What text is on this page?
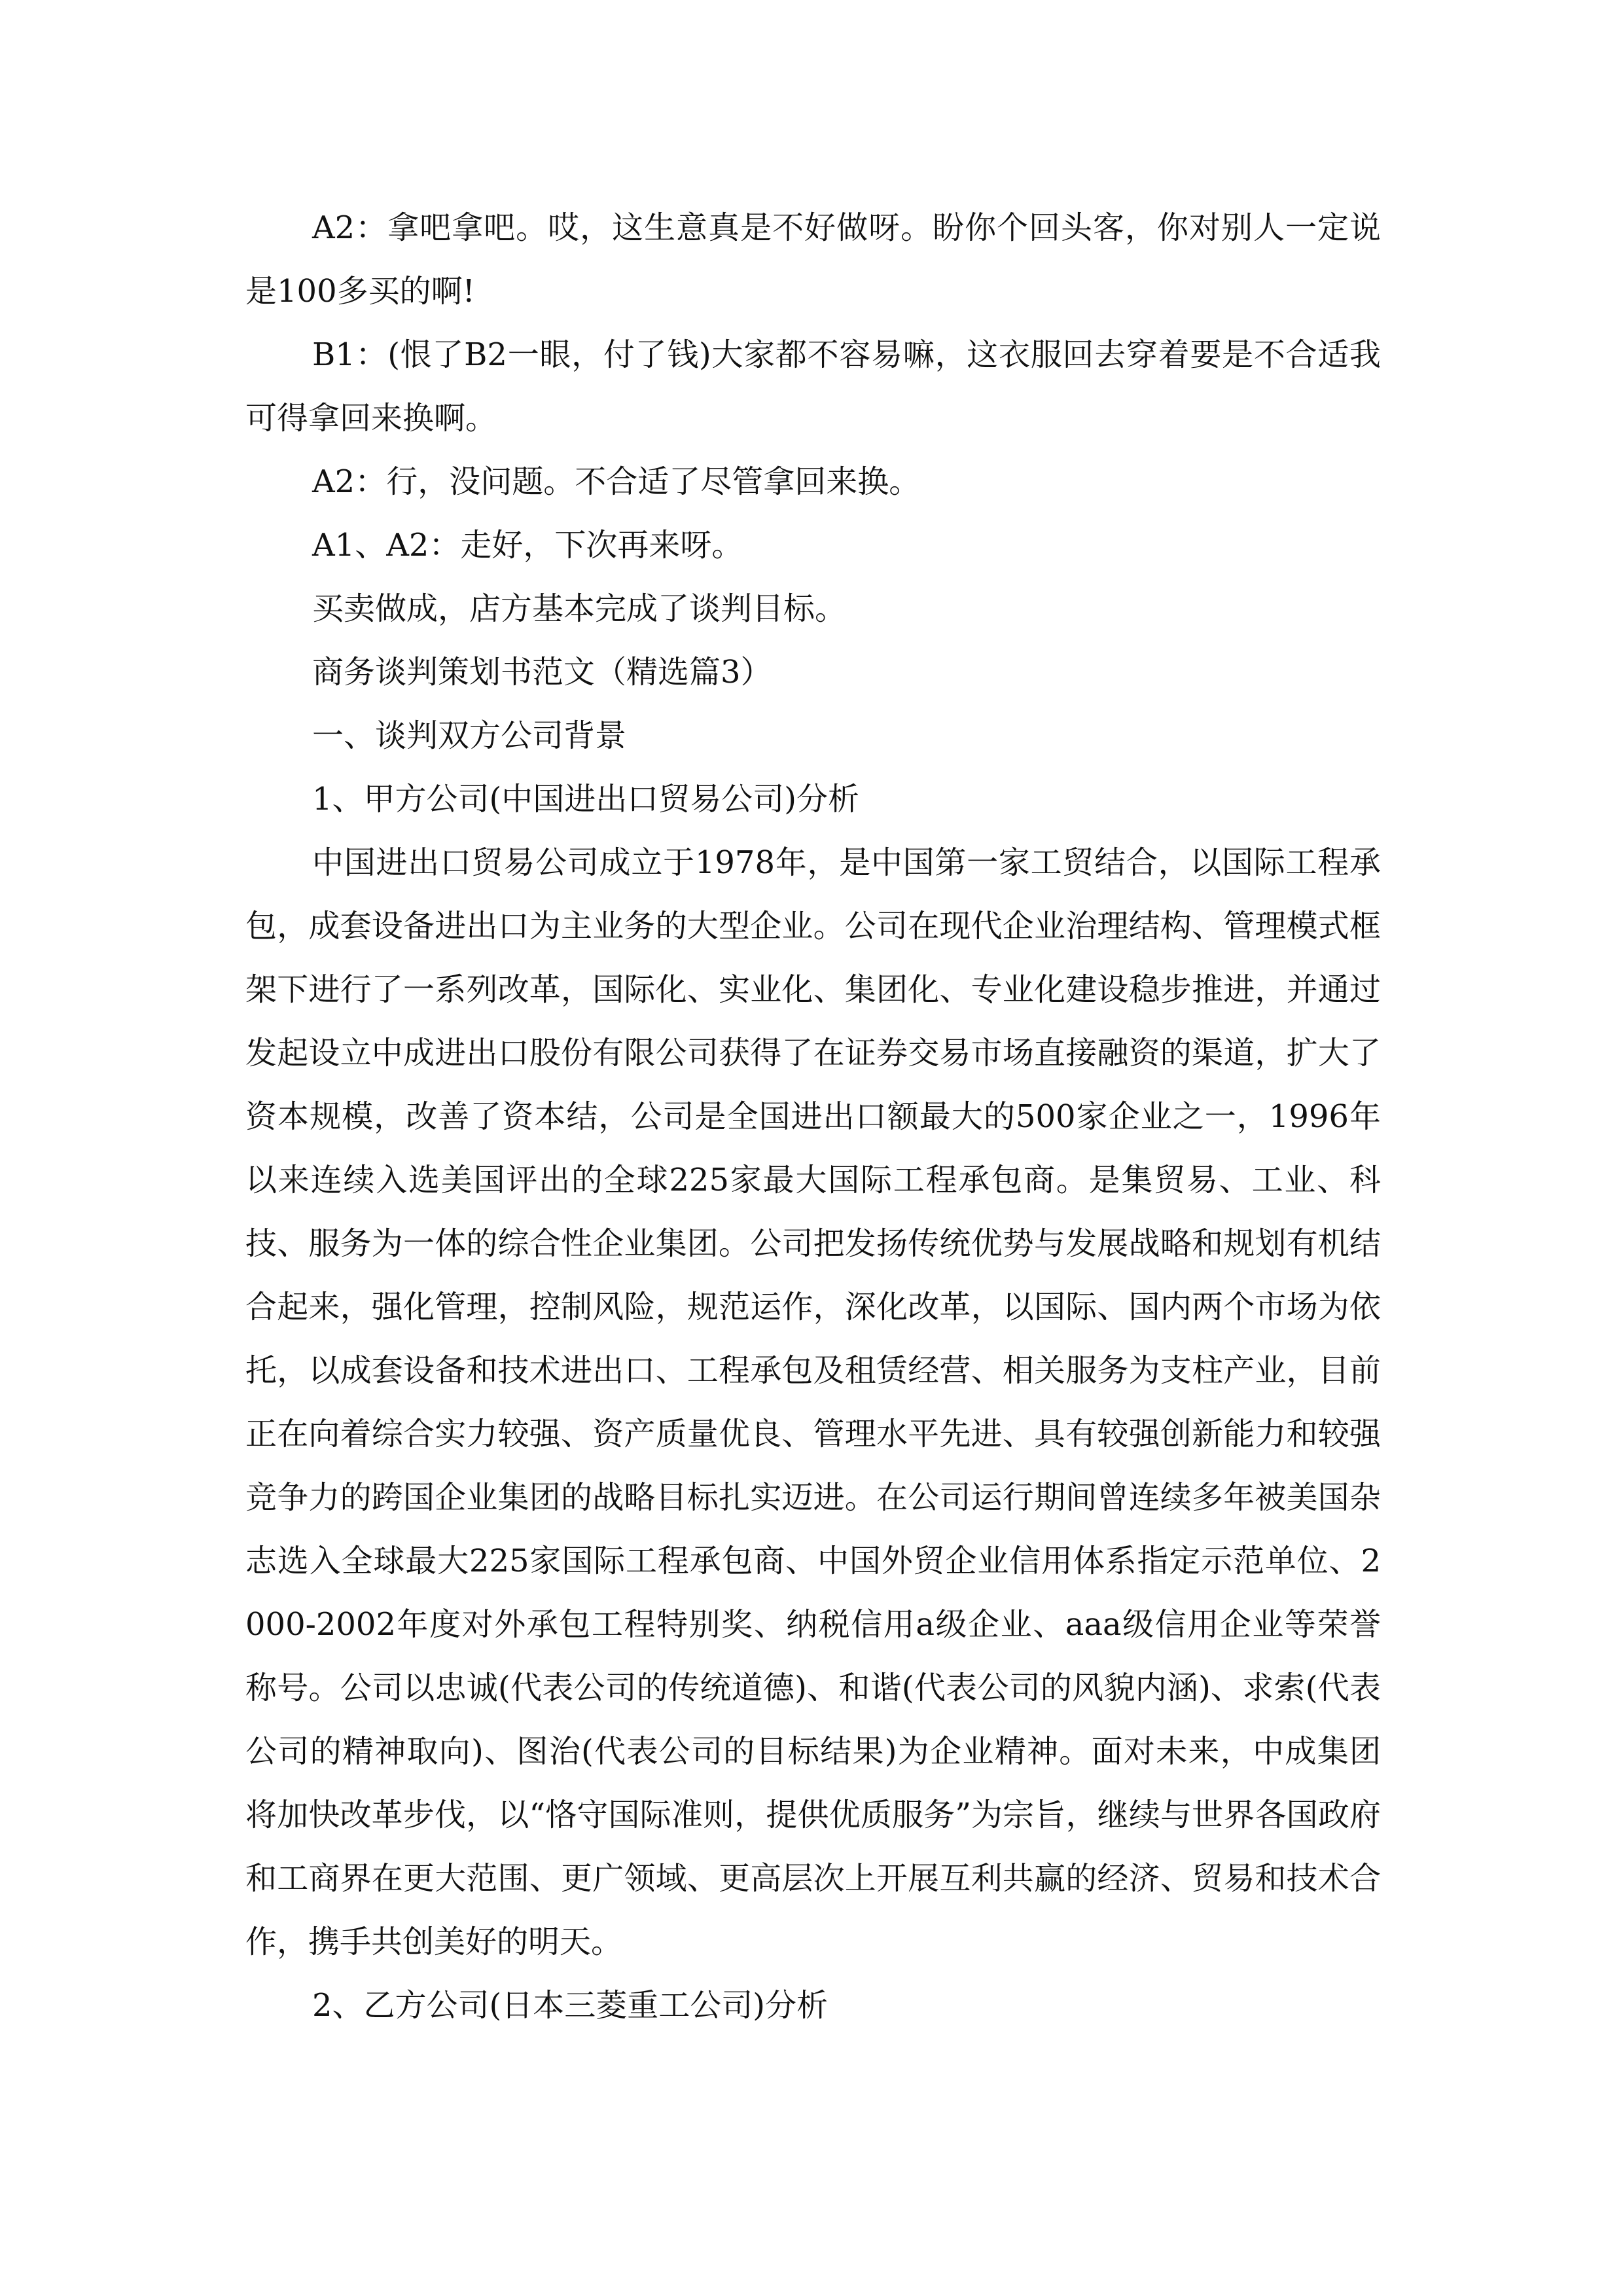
A2：拿吧拿吧。哎，这生意真是不好做呀。盼你个回头客，你对别人一定说是100多买的啊!

B1：(恨了B2一眼，付了钱)大家都不容易嘛，这衣服回去穿着要是不合适我可得拿回来换啊。

A2：行，没问题。不合适了尽管拿回来换。

A1、A2：走好，下次再来呀。

买卖做成，店方基本完成了谈判目标。

商务谈判策划书范文（精选篇3）

一、谈判双方公司背景

1、甲方公司(中国进出口贸易公司)分析

中国进出口贸易公司成立于1978年，是中国第一家工贸结合，以国际工程承包，成套设备进出口为主业务的大型企业。公司在现代企业治理结构、管理模式框架下进行了一系列改革，国际化、实业化、集团化、专业化建设稳步推进，并通过发起设立中成进出口股份有限公司获得了在证券交易市场直接融资的渠道，扩大了资本规模，改善了资本结，公司是全国进出口额最大的500家企业之一，1996年以来连续入选美国评出的全球225家最大国际工程承包商。是集贸易、工业、科技、服务为一体的综合性企业集团。公司把发扬传统优势与发展战略和规划有机结合起来，强化管理，控制风险，规范运作，深化改革，以国际、国内两个市场为依托，以成套设备和技术进出口、工程承包及租赁经营、相关服务为支柱产业，目前正在向着综合实力较强、资产质量优良、管理水平先进、具有较强创新能力和较强竞争力的跨国企业集团的战略目标扎实迈进。在公司运行期间曾连续多年被美国杂志选入全球最大225家国际工程承包商、中国外贸企业信用体系指定示范单位、2000-2002年度对外承包工程特别奖、纳税信用a级企业、aaa级信用企业等荣誉称号。公司以忠诚(代表公司的传统道德)、和谐(代表公司的风貌内涵)、求索(代表公司的精神取向)、图治(代表公司的目标结果)为企业精神。面对未来，中成集团将加快改革步伐，以“恪守国际准则，提供优质服务”为宗旨，继续与世界各国政府和工商界在更大范围、更广领域、更高层次上开展互利共赢的经济、贸易和技术合作，携手共创美好的明天。

2、乙方公司(日本三菱重工公司)分析
